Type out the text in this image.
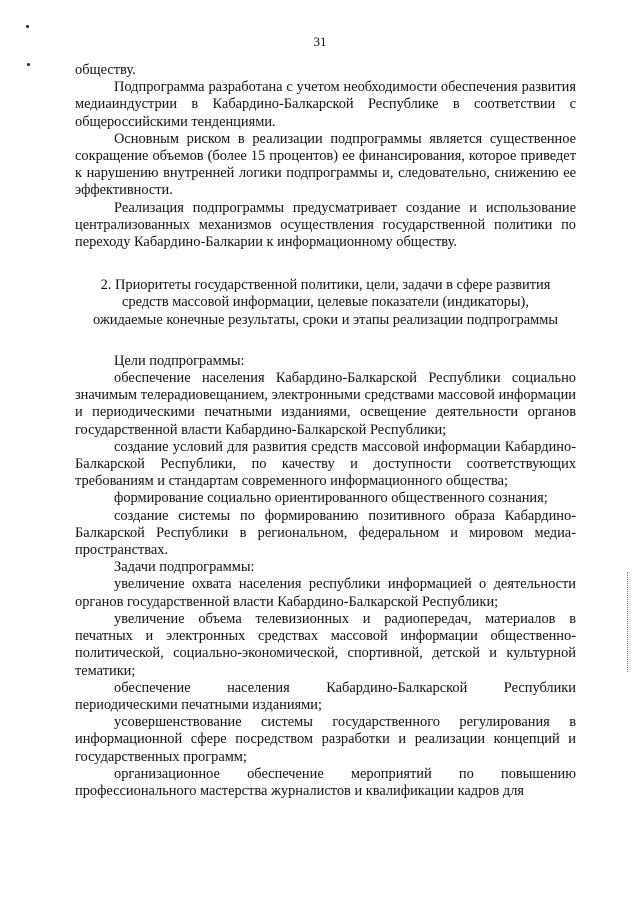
31

обществу.

Подпрограмма разработана с учетом необходимости обеспечения развития медиаиндустрии в Кабардино-Балкарской Республике в соответствии с общероссийскими тенденциями.

Основным риском в реализации подпрограммы является существенное сокращение объемов (более 15 процентов) ее финансирования, которое приведет к нарушению внутренней логики подпрограммы и, следовательно, снижению ее эффективности.

Реализация подпрограммы предусматривает создание и использование централизованных механизмов осуществления государственной политики по переходу Кабардино-Балкарии к информационному обществу.

2. Приоритеты государственной политики, цели, задачи в сфере развития
средств массовой информации, целевые показатели (индикаторы),
ожидаемые конечные результаты, сроки и этапы реализации подпрограммы

Цели подпрограммы:

обеспечение населения Кабардино-Балкарской Республики социально значимым телерадиовещанием, электронными средствами массовой информации и периодическими печатными изданиями, освещение деятельности органов государственной власти Кабардино-Балкарской Республики;

создание условий для развития средств массовой информации Кабардино-Балкарской Республики, по качеству и доступности соответствующих требованиям и стандартам современного информационного общества;

формирование социально ориентированного общественного сознания;

создание системы по формированию позитивного образа Кабардино-Балкарской Республики в региональном, федеральном и мировом медиа-пространствах.

Задачи подпрограммы:

увеличение охвата населения республики информацией о деятельности органов государственной власти Кабардино-Балкарской Республики;

увеличение объема телевизионных и радиопередач, материалов в печатных и электронных средствах массовой информации общественно-политической, социально-экономической, спортивной, детской и культурной тематики;

обеспечение населения Кабардино-Балкарской Республики периодическими печатными изданиями;

усовершенствование системы государственного регулирования в информационной сфере посредством разработки и реализации концепций и государственных программ;

организационное обеспечение мероприятий по повышению профессионального мастерства журналистов и квалификации кадров для
